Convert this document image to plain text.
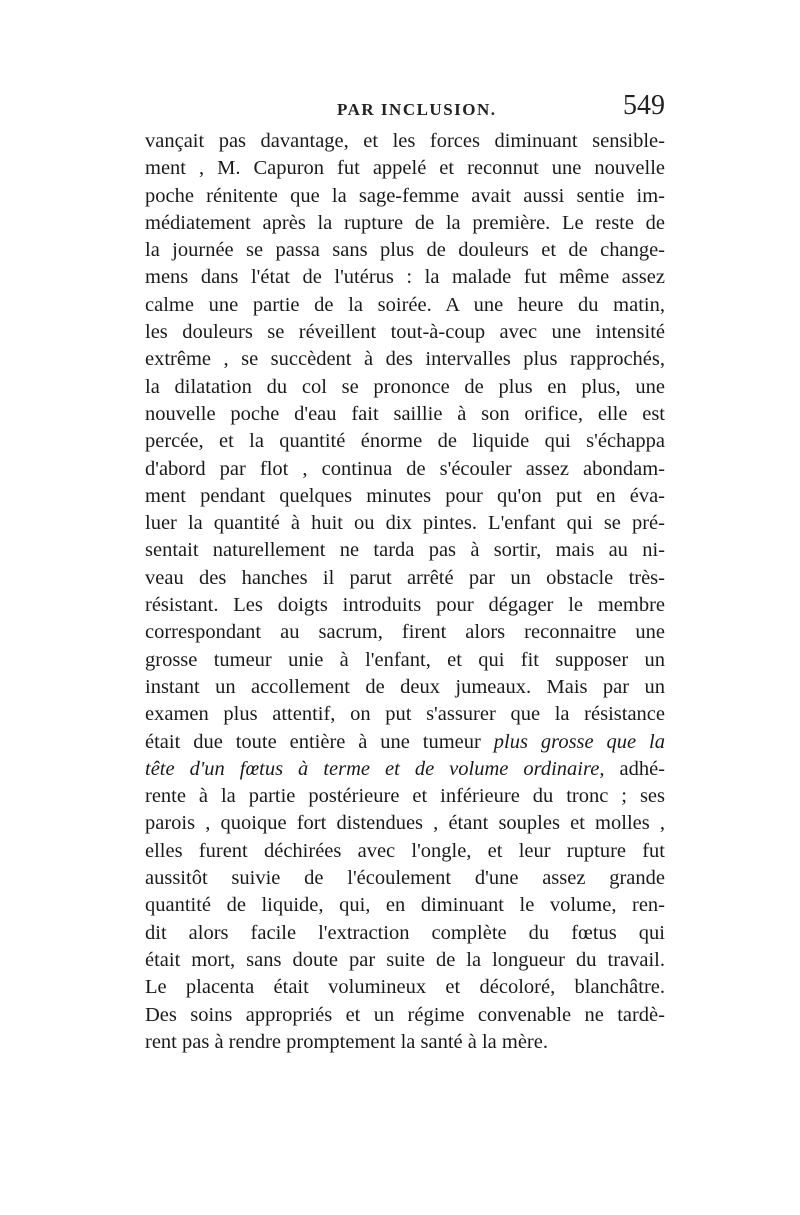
PAR INCLUSION.	549
vançait pas davantage, et les forces diminuant sensible-
ment , M. Capuron fut appelé et reconnut une nouvelle
poche rénitente que la sage-femme avait aussi sentie im-
médiatement après la rupture de la première. Le reste de
la journée se passa sans plus de douleurs et de change-
mens dans l'état de l'utérus : la malade fut même assez
calme une partie de la soirée. A une heure du matin,
les douleurs se réveillent tout-à-coup avec une intensité
extrême , se succèdent à des intervalles plus rapprochés,
la dilatation du col se prononce de plus en plus, une
nouvelle poche d'eau fait saillie à son orifice, elle est
percée, et la quantité énorme de liquide qui s'échappa
d'abord par flot , continua de s'écouler assez abondam-
ment pendant quelques minutes pour qu'on put en éva-
luer la quantité à huit ou dix pintes. L'enfant qui se pré-
sentait naturellement ne tarda pas à sortir, mais au ni-
veau des hanches il parut arrêté par un obstacle très-
résistant. Les doigts introduits pour dégager le membre
correspondant au sacrum, firent alors reconnaitre une
grosse tumeur unie à l'enfant, et qui fit supposer un
instant un accollement de deux jumeaux. Mais par un
examen plus attentif, on put s'assurer que la résistance
était due toute entière à une tumeur plus grosse que la
tête d'un fœtus à terme et de volume ordinaire, adhé-
rente à la partie postérieure et inférieure du tronc ; ses
parois , quoique fort distendues , étant souples et molles ,
elles furent déchirées avec l'ongle, et leur rupture fut
aussitôt suivie de l'écoulement d'une assez grande
quantité de liquide, qui, en diminuant le volume, ren-
dit alors facile l'extraction complète du fœtus qui
était mort, sans doute par suite de la longueur du travail.
Le placenta était volumineux et décoloré, blanchâtre.
Des soins appropriés et un régime convenable ne tardè-
rent pas à rendre promptement la santé à la mère.
